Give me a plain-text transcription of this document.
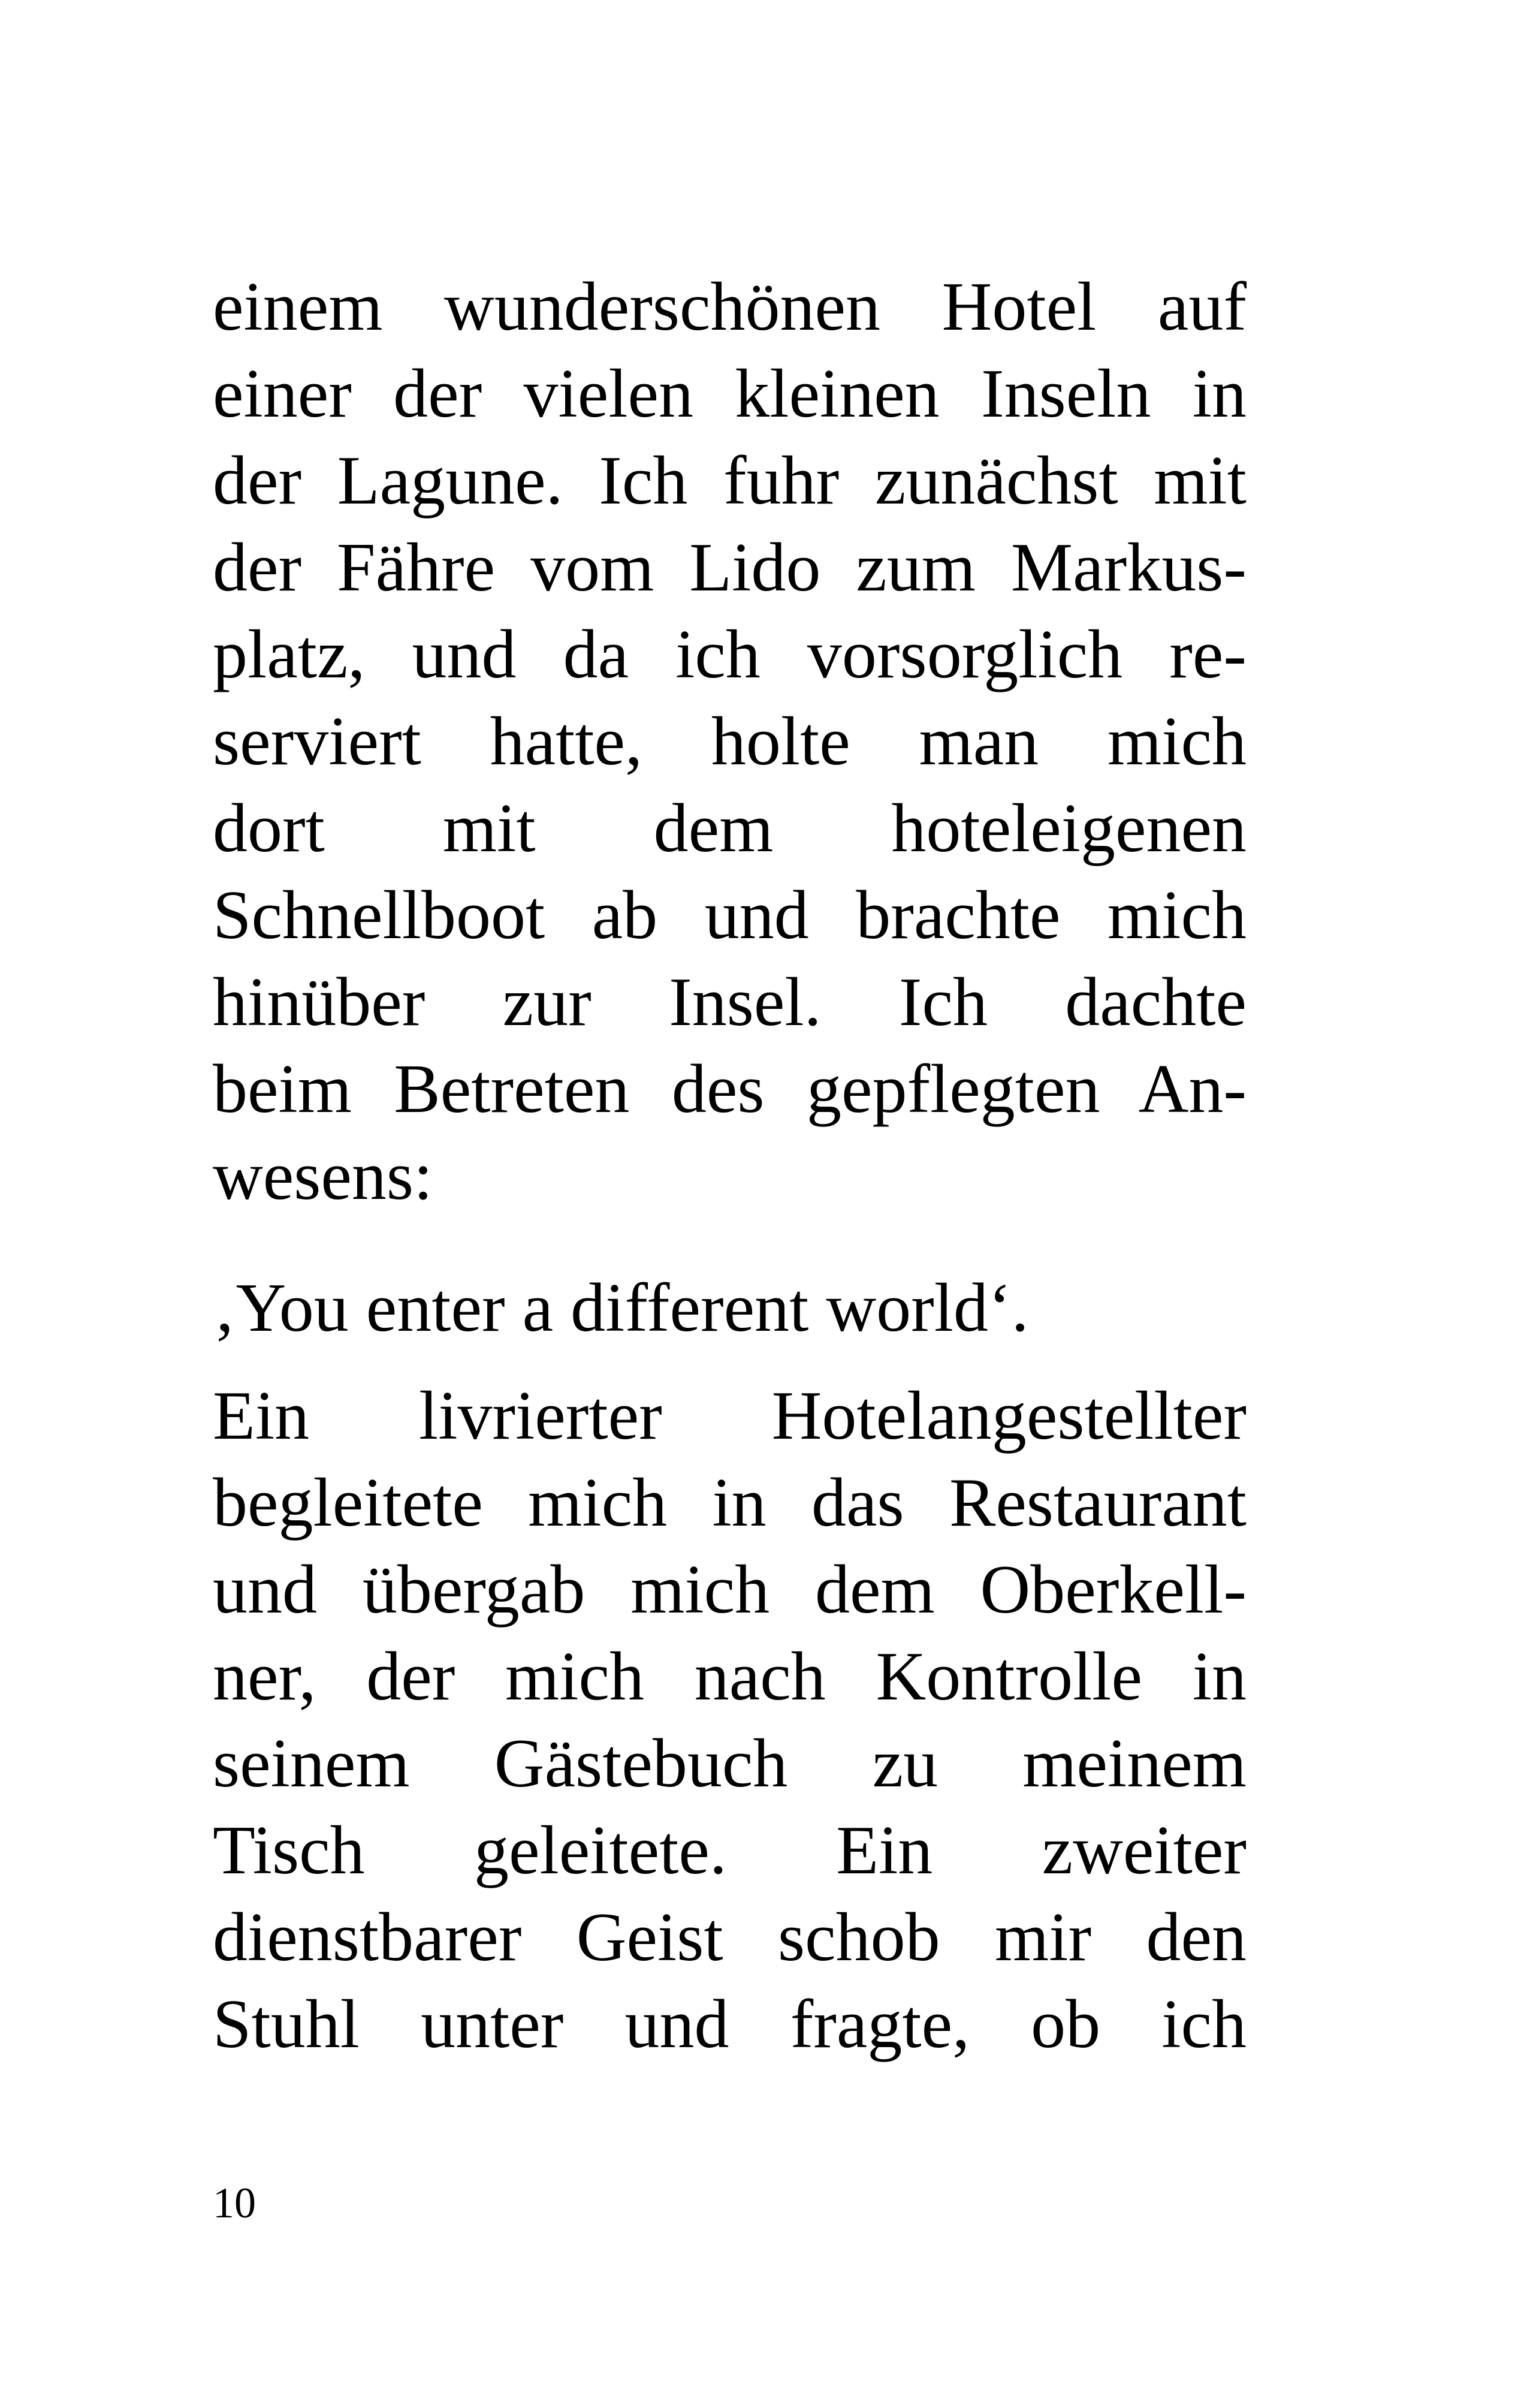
einem wunderschönen Hotel auf
einer der vielen kleinen Inseln in
der Lagune. Ich fuhr zunächst mit
der Fähre vom Lido zum Markus-
platz, und da ich vorsorglich re-
serviert hatte, holte man mich
dort mit dem hoteleigenen
Schnellboot ab und brachte mich
hinüber zur Insel. Ich dachte
beim Betreten des gepflegten An-
wesens:
‚You enter a different world‘.
Ein livrierter Hotelangestellter
begleitete mich in das Restaurant
und übergab mich dem Oberkell-
ner, der mich nach Kontrolle in
seinem Gästebuch zu meinem
Tisch geleitete. Ein zweiter
dienstbarer Geist schob mir den
Stuhl unter und fragte, ob ich
10
